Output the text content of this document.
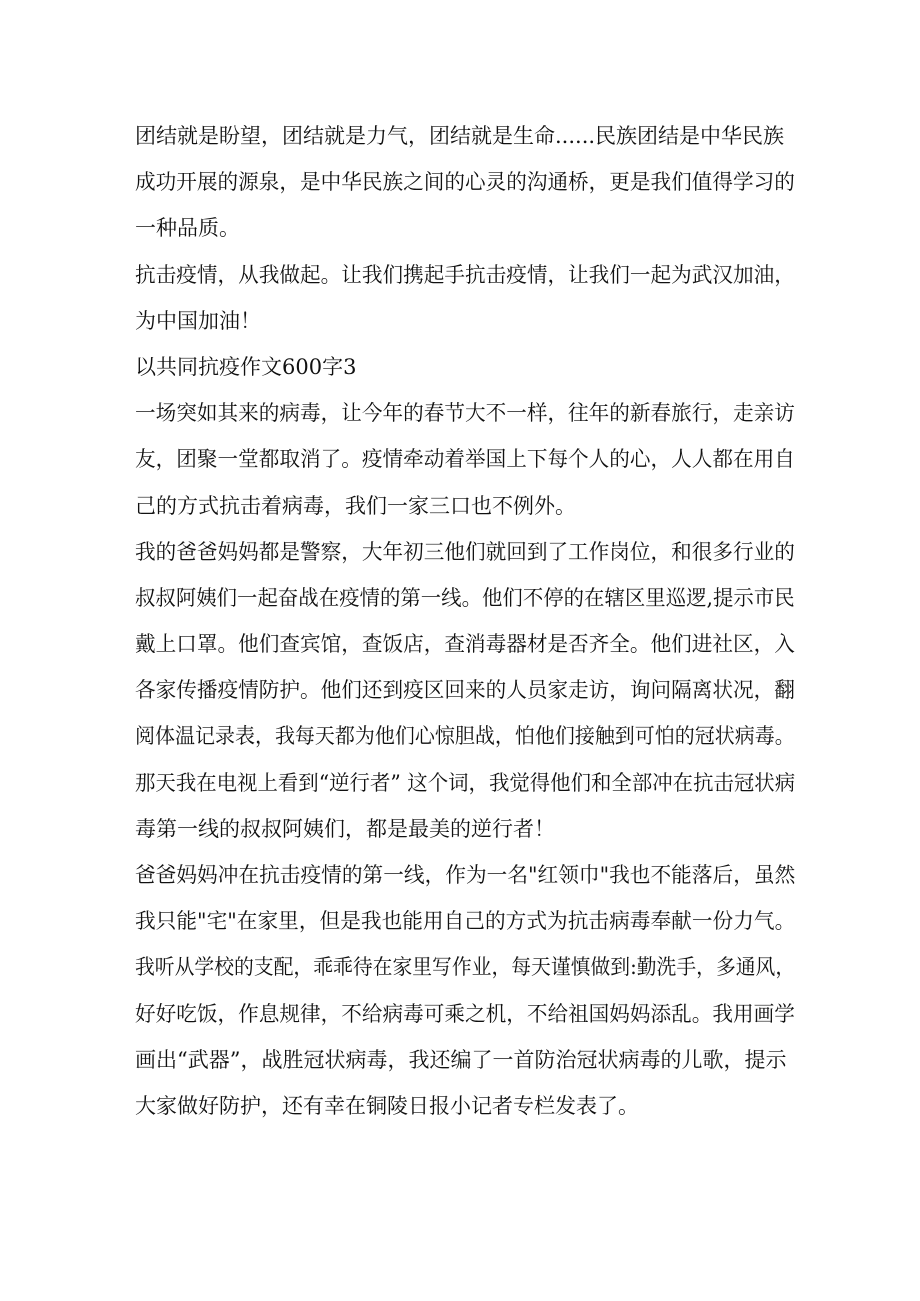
团结就是盼望，团结就是力气，团结就是生命......民族团结是中华民族
成功开展的源泉，是中华民族之间的心灵的沟通桥，更是我们值得学习的
一种品质。
抗击疫情，从我做起。让我们携起手抗击疫情，让我们一起为武汉加油，
为中国加油！
以共同抗疫作文600字3
一场突如其来的病毒，让今年的春节大不一样，往年的新春旅行，走亲访
友，团聚一堂都取消了。疫情牵动着举国上下每个人的心，人人都在用自
己的方式抗击着病毒，我们一家三口也不例外。
我的爸爸妈妈都是警察，大年初三他们就回到了工作岗位，和很多行业的
叔叔阿姨们一起奋战在疫情的第一线。他们不停的在辖区里巡逻,提示市民
戴上口罩。他们查宾馆，查饭店，查消毒器材是否齐全。他们进社区，入
各家传播疫情防护。他们还到疫区回来的人员家走访，询问隔离状况，翻
阅体温记录表，我每天都为他们心惊胆战，怕他们接触到可怕的冠状病毒。
那天我在电视上看到“逆行者” 这个词，我觉得他们和全部冲在抗击冠状病
毒第一线的叔叔阿姨们，都是最美的逆行者！
爸爸妈妈冲在抗击疫情的第一线，作为一名"红领巾"我也不能落后，虽然
我只能"宅"在家里，但是我也能用自己的方式为抗击病毒奉献一份力气。
我听从学校的支配，乖乖待在家里写作业，每天谨慎做到:勤洗手，多通风，
好好吃饭，作息规律，不给病毒可乘之机，不给祖国妈妈添乱。我用画学
画出“武器”，战胜冠状病毒，我还编了一首防治冠状病毒的儿歌，提示
大家做好防护，还有幸在铜陵日报小记者专栏发表了。
